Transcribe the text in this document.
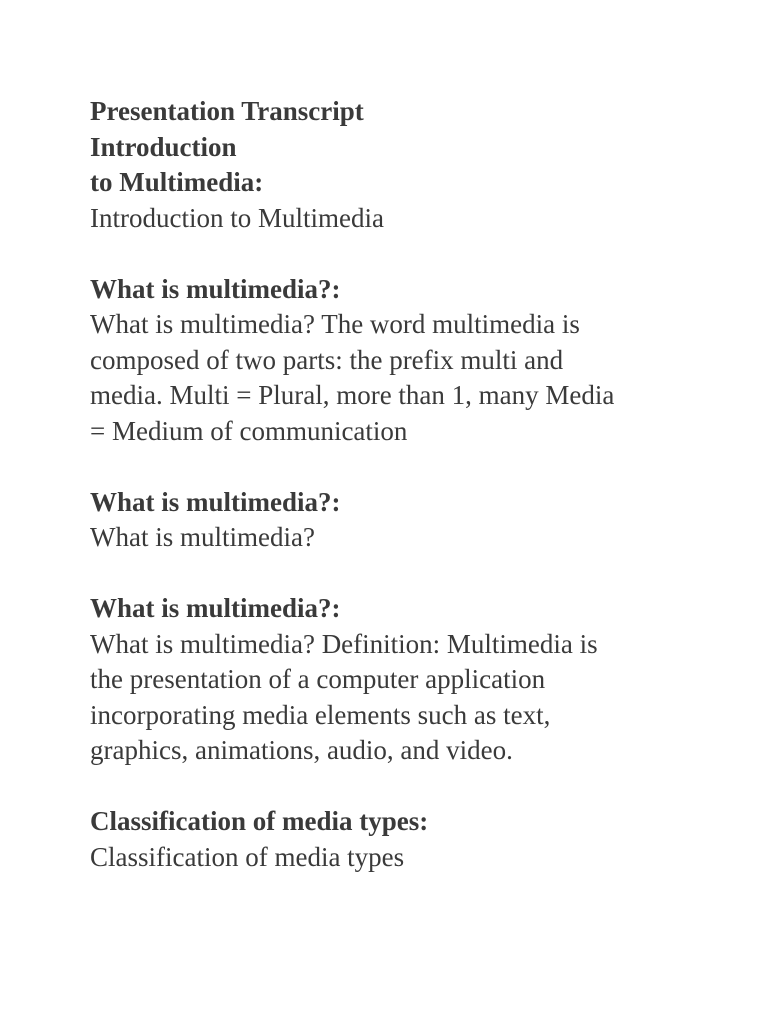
Presentation Transcript

Introduction

to Multimedia:

Introduction to Multimedia

What is multimedia?:

What is multimedia? The word multimedia is

composed of two parts: the prefix multi and

media. Multi = Plural, more than 1, many Media

= Medium of communication

What is multimedia?:

What is multimedia?

What is multimedia?:

What is multimedia? Definition: Multimedia is

the presentation of a computer application

incorporating media elements such as text,

graphics, animations, audio, and video.

Classification of media types:

Classification of media types
